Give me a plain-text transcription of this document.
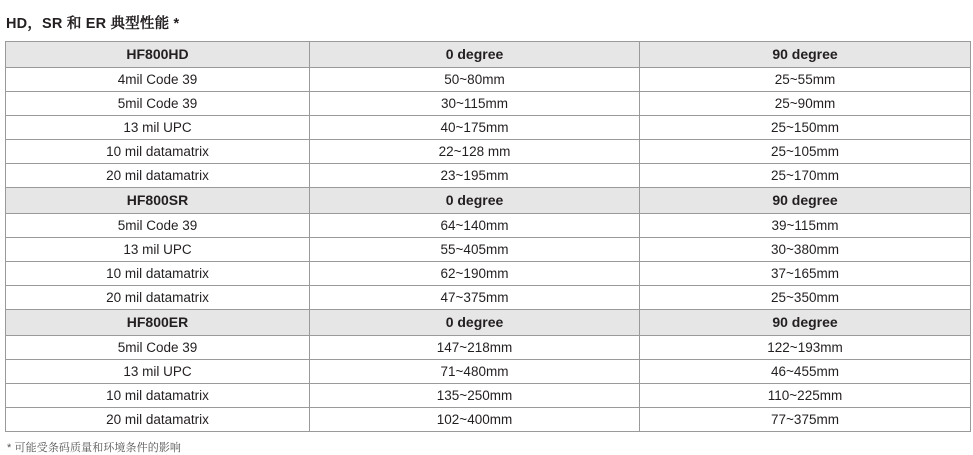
HD，SR 和 ER 典型性能 *
HF800HD	0 degree	90 degree
4mil Code 39	50~80mm	25~55mm
5mil Code 39	30~115mm	25~90mm
13 mil UPC	40~175mm	25~150mm
10 mil datamatrix	22~128 mm	25~105mm
20 mil datamatrix	23~195mm	25~170mm
HF800SR	0 degree	90 degree
5mil Code 39	64~140mm	39~115mm
13 mil UPC	55~405mm	30~380mm
10 mil datamatrix	62~190mm	37~165mm
20 mil datamatrix	47~375mm	25~350mm
HF800ER	0 degree	90 degree
5mil Code 39	147~218mm	122~193mm
13 mil UPC	71~480mm	46~455mm
10 mil datamatrix	135~250mm	110~225mm
20 mil datamatrix	102~400mm	77~375mm
* 可能受条码质量和环境条件的影响
